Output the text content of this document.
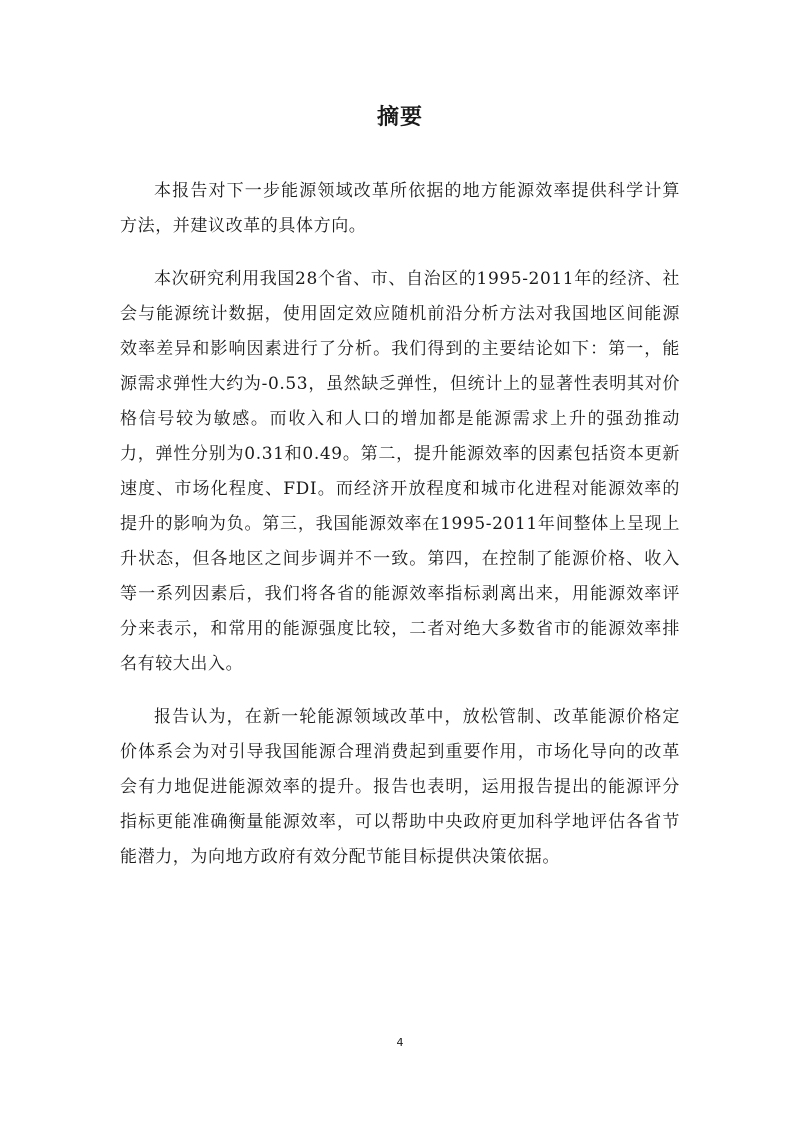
摘要

本报告对下一步能源领域改革所依据的地方能源效率提供科学计算方法，并建议改革的具体方向。

本次研究利用我国28个省、市、自治区的1995-2011年的经济、社会与能源统计数据，使用固定效应随机前沿分析方法对我国地区间能源效率差异和影响因素进行了分析。我们得到的主要结论如下：第一，能源需求弹性大约为-0.53，虽然缺乏弹性，但统计上的显著性表明其对价格信号较为敏感。而收入和人口的增加都是能源需求上升的强劲推动力，弹性分别为0.31和0.49。第二，提升能源效率的因素包括资本更新速度、市场化程度、FDI。而经济开放程度和城市化进程对能源效率的提升的影响为负。第三，我国能源效率在1995-2011年间整体上呈现上升状态，但各地区之间步调并不一致。第四，在控制了能源价格、收入等一系列因素后，我们将各省的能源效率指标剥离出来，用能源效率评分来表示，和常用的能源强度比较，二者对绝大多数省市的能源效率排名有较大出入。

报告认为，在新一轮能源领域改革中，放松管制、改革能源价格定价体系会为对引导我国能源合理消费起到重要作用，市场化导向的改革会有力地促进能源效率的提升。报告也表明，运用报告提出的能源评分指标更能准确衡量能源效率，可以帮助中央政府更加科学地评估各省节能潜力，为向地方政府有效分配节能目标提供决策依据。

4
